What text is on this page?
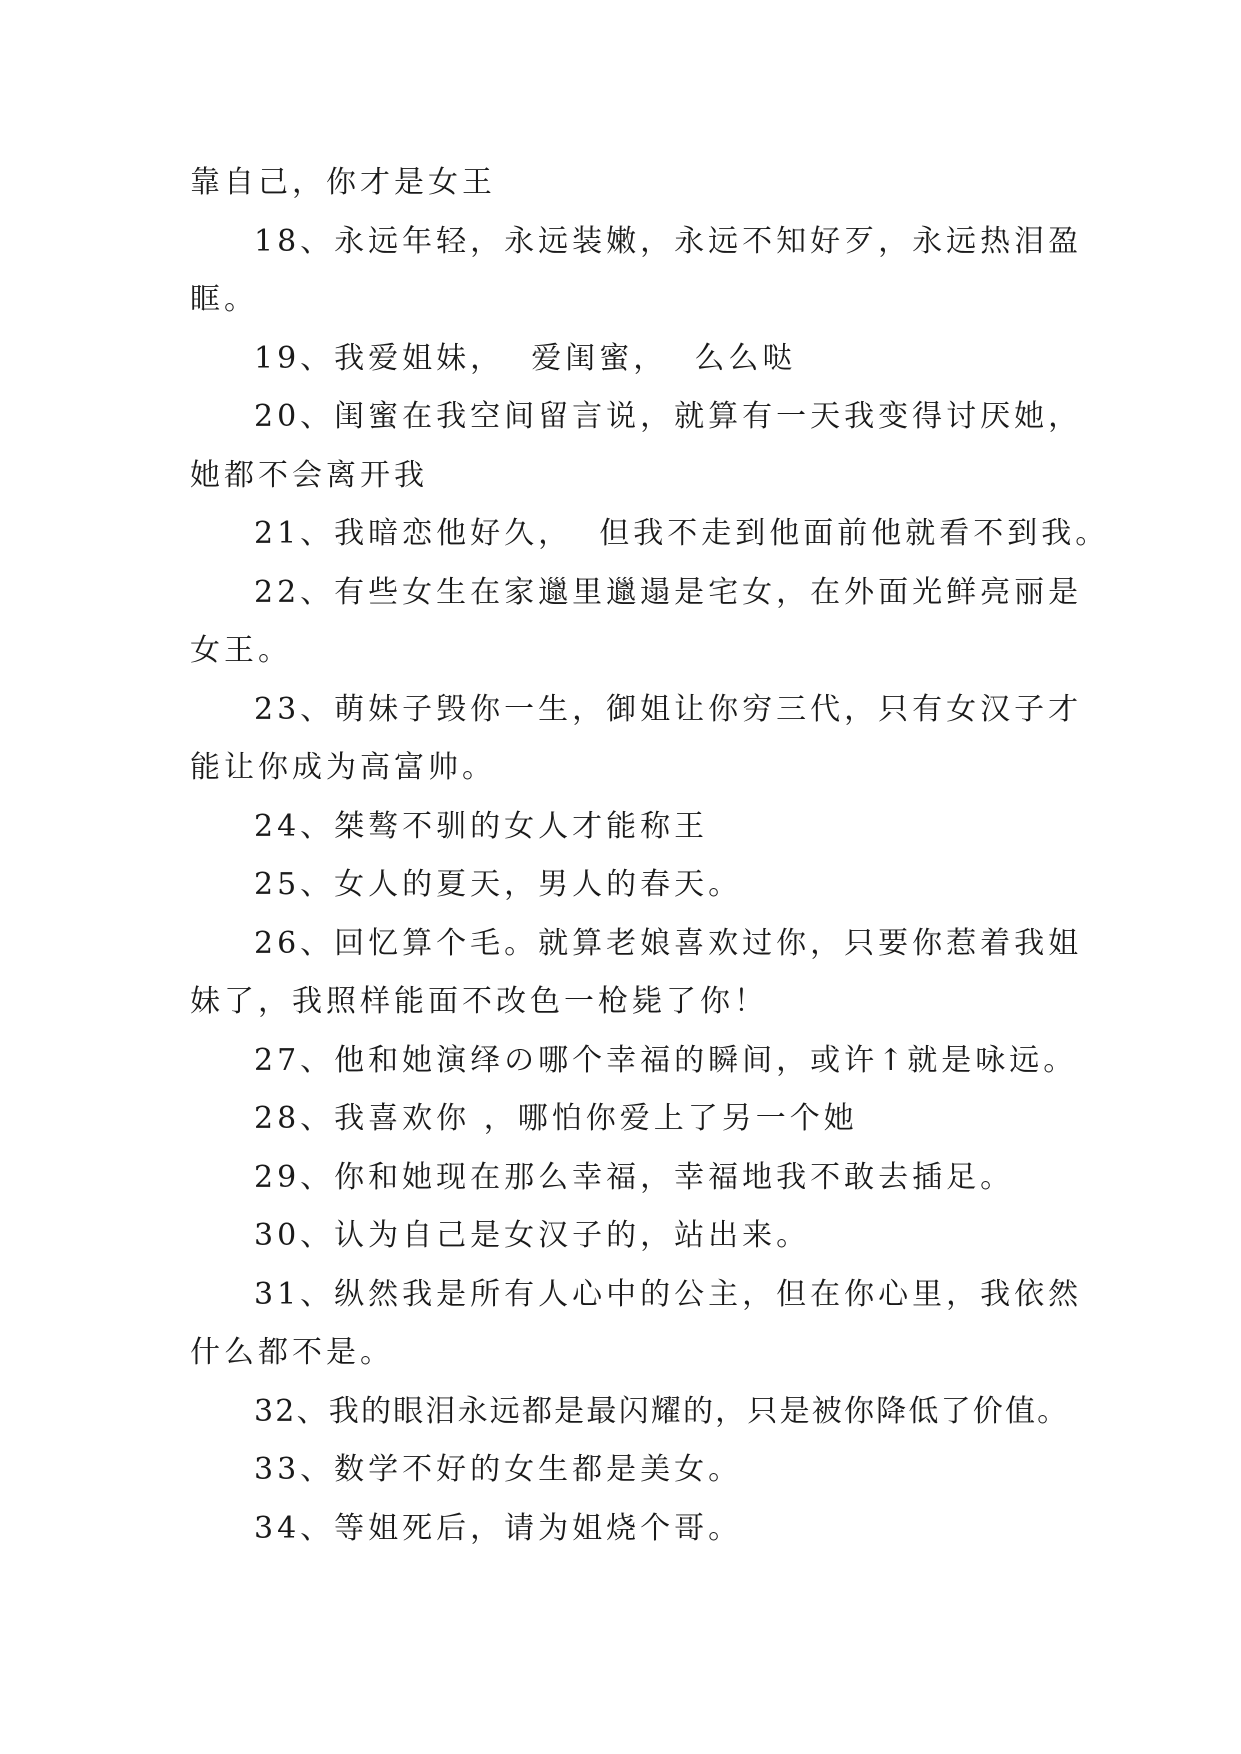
靠自己，你才是女王

18、永远年轻，永远装嫩，永远不知好歹，永远热泪盈
眶。

19、我爱姐妹，  爱闺蜜，  么么哒

20、闺蜜在我空间留言说，就算有一天我变得讨厌她，
她都不会离开我

21、我暗恋他好久，  但我不走到他面前他就看不到我。

22、有些女生在家邋里邋遢是宅女，在外面光鲜亮丽是
女王。

23、萌妹子毁你一生，御姐让你穷三代，只有女汉子才
能让你成为高富帅。

24、桀骜不驯的女人才能称王

25、女人的夏天，男人的春天。

26、回忆算个毛。就算老娘喜欢过你，只要你惹着我姐
妹了，我照样能面不改色一枪毙了你！

27、他和她演绎の哪个幸福的瞬间，或许↑就是咏远。

28、我喜欢你 ，哪怕你爱上了另一个她

29、你和她现在那么幸福，幸福地我不敢去插足。

30、认为自己是女汉子的，站出来。

31、纵然我是所有人心中的公主，但在你心里，我依然
什么都不是。

32、我的眼泪永远都是最闪耀的，只是被你降低了价值。

33、数学不好的女生都是美女。

34、等姐死后，请为姐烧个哥。
